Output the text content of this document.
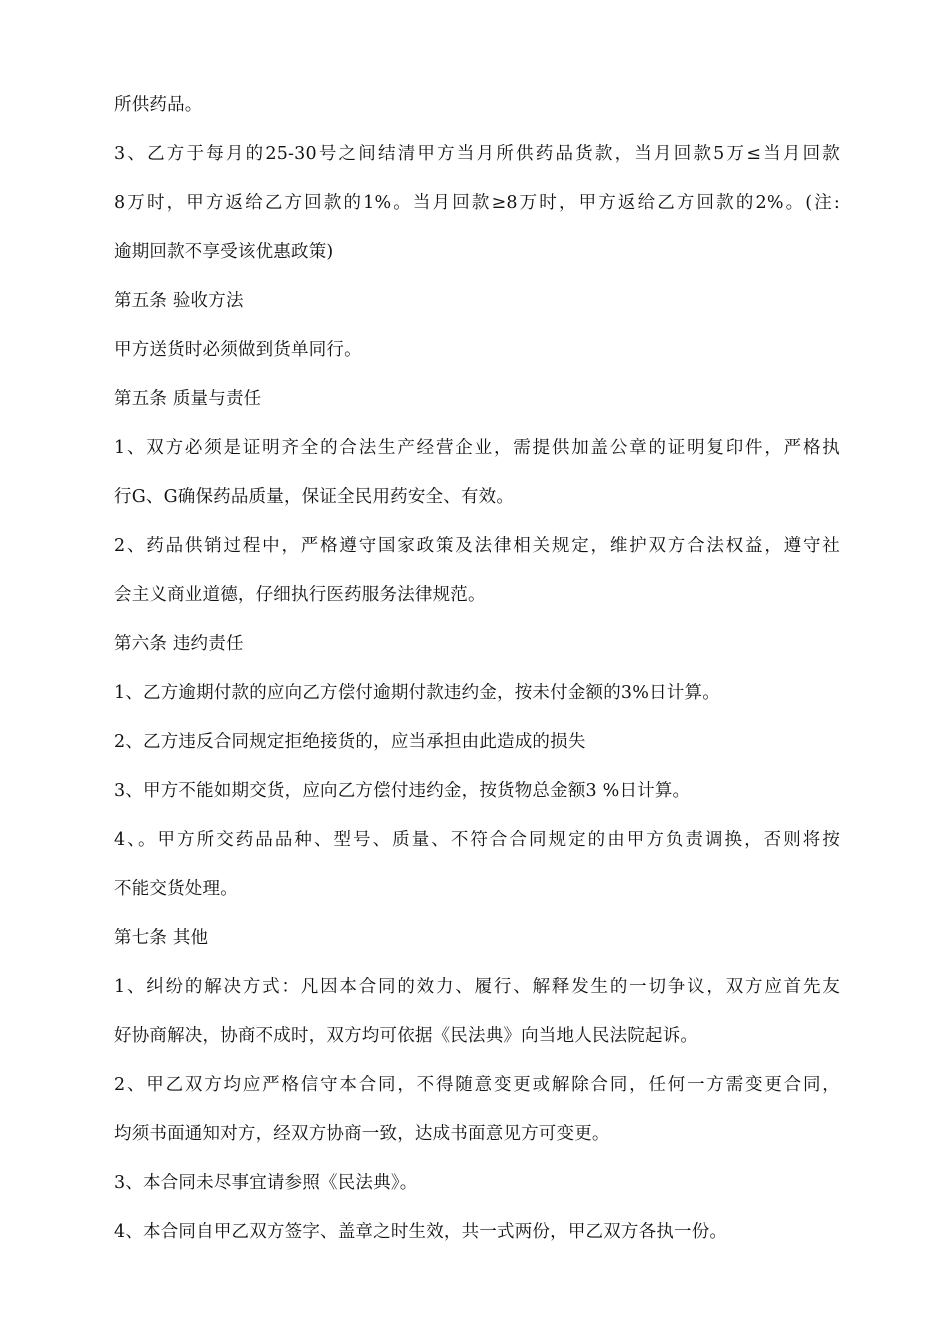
所供药品。

3、乙方于每月的25-30号之间结清甲方当月所供药品货款，当月回款5万≤当月回款

8万时，甲方返给乙方回款的1%。当月回款≥8万时，甲方返给乙方回款的2%。(注:

逾期回款不享受该优惠政策)

第五条 验收方法

甲方送货时必须做到货单同行。

第五条 质量与责任

1、双方必须是证明齐全的合法生产经营企业，需提供加盖公章的证明复印件，严格执

行G、G确保药品质量，保证全民用药安全、有效。

2、药品供销过程中，严格遵守国家政策及法律相关规定，维护双方合法权益，遵守社

会主义商业道德，仔细执行医药服务法律规范。

第六条 违约责任

1、乙方逾期付款的应向乙方偿付逾期付款违约金，按未付金额的3%日计算。

2、乙方违反合同规定拒绝接货的，应当承担由此造成的损失

3、甲方不能如期交货，应向乙方偿付违约金，按货物总金额3 %日计算。

4、。甲方所交药品品种、型号、质量、不符合合同规定的由甲方负责调换，否则将按

不能交货处理。

第七条 其他

1、纠纷的解决方式：凡因本合同的效力、履行、解释发生的一切争议，双方应首先友

好协商解决，协商不成时，双方均可依据《民法典》向当地人民法院起诉。

2、甲乙双方均应严格信守本合同，不得随意变更或解除合同，任何一方需变更合同，

均须书面通知对方，经双方协商一致，达成书面意见方可变更。

3、本合同未尽事宜请参照《民法典》。

4、本合同自甲乙双方签字、盖章之时生效，共一式两份，甲乙双方各执一份。
